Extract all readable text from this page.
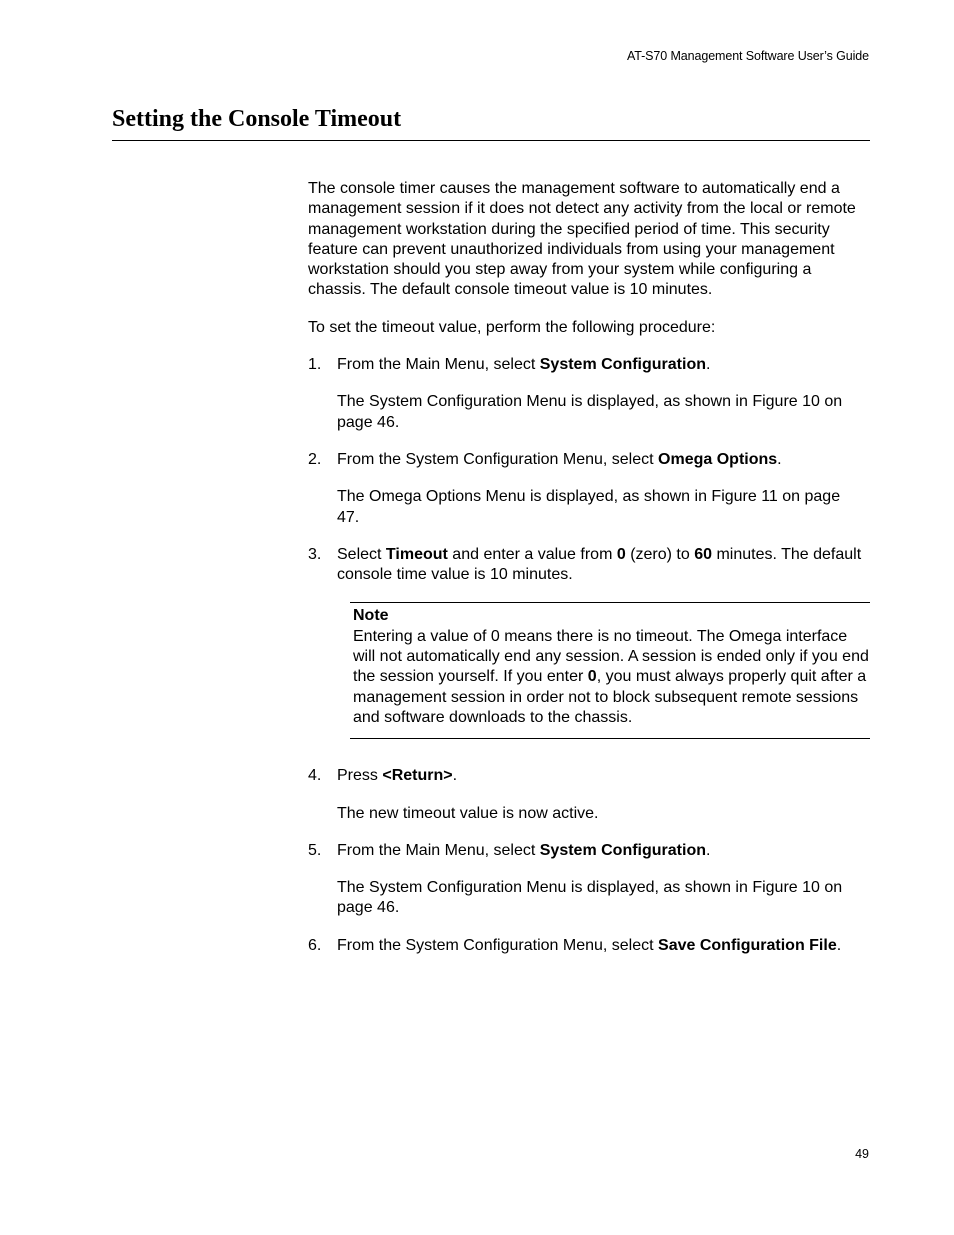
AT-S70 Management Software User’s Guide
Setting the Console Timeout

The console timer causes the management software to automatically end a management session if it does not detect any activity from the local or remote management workstation during the specified period of time. This security feature can prevent unauthorized individuals from using your management workstation should you step away from your system while configuring a chassis. The default console timeout value is 10 minutes.

To set the timeout value, perform the following procedure:

1. From the Main Menu, select System Configuration.

The System Configuration Menu is displayed, as shown in Figure 10 on page 46.

2. From the System Configuration Menu, select Omega Options.

The Omega Options Menu is displayed, as shown in Figure 11 on page 47.

3. Select Timeout and enter a value from 0 (zero) to 60 minutes. The default console time value is 10 minutes.
Note

Entering a value of 0 means there is no timeout. The Omega interface will not automatically end any session. A session is ended only if you end the session yourself. If you enter 0, you must always properly quit after a management session in order not to block subsequent remote sessions and software downloads to the chassis.

4. Press <Return>.

The new timeout value is now active.

5. From the Main Menu, select System Configuration.

The System Configuration Menu is displayed, as shown in Figure 10 on page 46.

6. From the System Configuration Menu, select Save Configuration File.
49
